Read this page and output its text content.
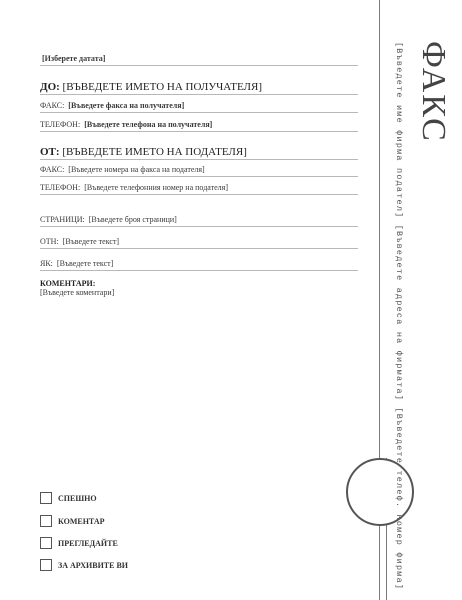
ФАКС
[Въведете име фирма подател] [Въведете адреса на фирмата] [Въведете телеф. номер фирма]
[Изберете датата]
ДО: [ВЪВЕДЕТЕ ИМЕТО НА ПОЛУЧАТЕЛЯ]
ФАКС: [Въведете факса на получателя]
ТЕЛЕФОН: [Въведете телефона на получателя]
ОТ: [ВЪВЕДЕТЕ ИМЕТО НА ПОДАТЕЛЯ]
ФАКС: [Въведете номера на факса на подателя]
ТЕЛЕФОН: [Въведете телефонния номер на подателя]
СТРАНИЦИ: [Въведете броя страници]
ОТН: [Въведете текст]
ЯК: [Въведете текст]
КОМЕНТАРИ:
[Въведете коментари]
СПЕШНО
КОМЕНТАР
ПРЕГЛЕДАЙТЕ
ЗА АРХИВИТЕ ВИ
